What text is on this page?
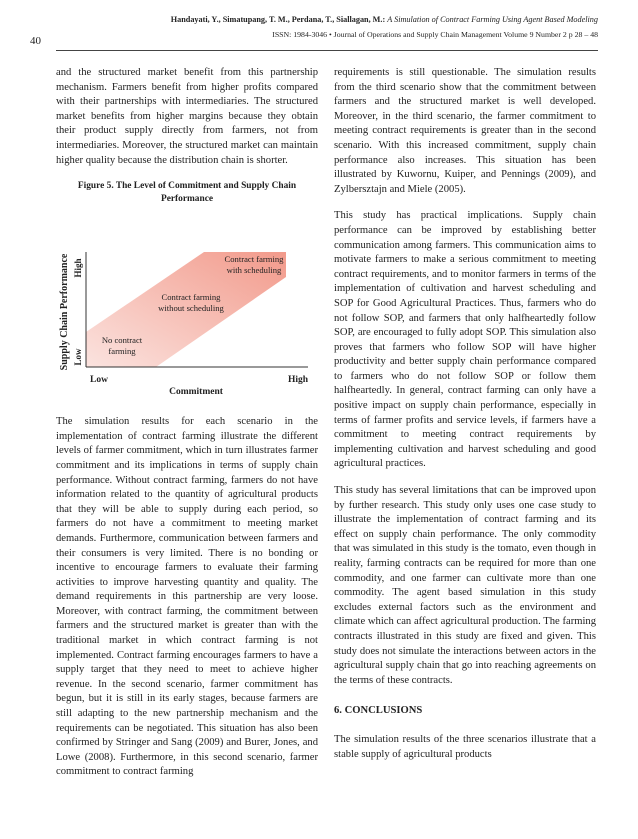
40
Handayati, Y., Simatupang, T. M., Perdana, T., Siallagan, M.: A Simulation of Contract Farming Using Agent Based Modeling
ISSN: 1984-3046 • Journal of Operations and Supply Chain Management Volume 9 Number 2 p 28 – 48

and the structured market benefit from this partnership mechanism. Farmers benefit from higher profits compared with their partnerships with intermediaries. The structured market benefits from higher margins because they obtain their product supply directly from farmers, not from intermediaries. Moreover, the structured market can maintain higher quality because the distribution chain is shorter.

Figure 5. The Level of Commitment and Supply Chain Performance
Supply Chain Performance High
Low
Low	High
Commitment
No contract farming
Contract farming without scheduling
Contract farming with scheduling

The simulation results for each scenario in the implementation of contract farming illustrate the different levels of farmer commitment, which in turn illustrates farmer commitment and its implications in terms of supply chain performance. Without contract farming, farmers do not have information related to the quantity of agricultural products that they will be able to supply during each period, so farmers do not have a commitment to meeting market demands. Furthermore, communication between farmers and their consumers is very limited. There is no bonding or incentive to encourage farmers to evaluate their farming activities to improve harvesting quantity and quality. The demand requirements in this partnership are very loose. Moreover, with contract farming, the commitment between farmers and the structured market is greater than with the traditional market in which contract farming is not implemented. Contract farming encourages farmers to have a supply target that they need to meet to achieve higher revenue. In the second scenario, farmer commitment has begun, but it is still in its early stages, because farmers are still adapting to the new partnership mechanism and the requirements can be negotiated. This situation has also been confirmed by Stringer and Sang (2009) and Burer, Jones, and Lowe (2008). Furthermore, in this second scenario, farmer commitment to contract farming

requirements is still questionable. The simulation results from the third scenario show that the commitment between farmers and the structured market is well developed. Moreover, in the third scenario, the farmer commitment to meeting contract requirements is greater than in the second scenario. With this increased commitment, supply chain performance also increases. This situation has been illustrated by Kuwornu, Kuiper, and Pennings (2009), and Zylbersztajn and Miele (2005).

This study has practical implications. Supply chain performance can be improved by establishing better communication among farmers. This communication aims to motivate farmers to make a serious commitment to meeting contract requirements, and to monitor farmers in terms of the implementation of cultivation and harvest scheduling and SOP for Good Agricultural Practices. Thus, farmers who do not follow SOP, and farmers that only halfheartedly follow SOP, are encouraged to fully adopt SOP. This simulation also proves that farmers who follow SOP will have higher productivity and better supply chain performance compared to farmers who do not follow SOP or follow them halfheartedly. In general, contract farming can only have a positive impact on supply chain performance, especially in terms of farmer profits and service levels, if farmers have a commitment to meeting contract requirements by implementing cultivation and harvest scheduling and good agricultural practices.

This study has several limitations that can be improved upon by further research. This study only uses one case study to illustrate the implementation of contract farming and its effect on supply chain performance. The only commodity that was simulated in this study is the tomato, even though in reality, farming contracts can be required for more than one commodity, and one farmer can cultivate more than one commodity. The agent based simulation in this study excludes external factors such as the environment and climate which can affect agricultural production. The farming contracts illustrated in this study are fixed and given. This study does not simulate the interactions between actors in the agricultural supply chain that go into reaching agreements on the terms of these contracts.

6. CONCLUSIONS

The simulation results of the three scenarios illustrate that a stable supply of agricultural products
